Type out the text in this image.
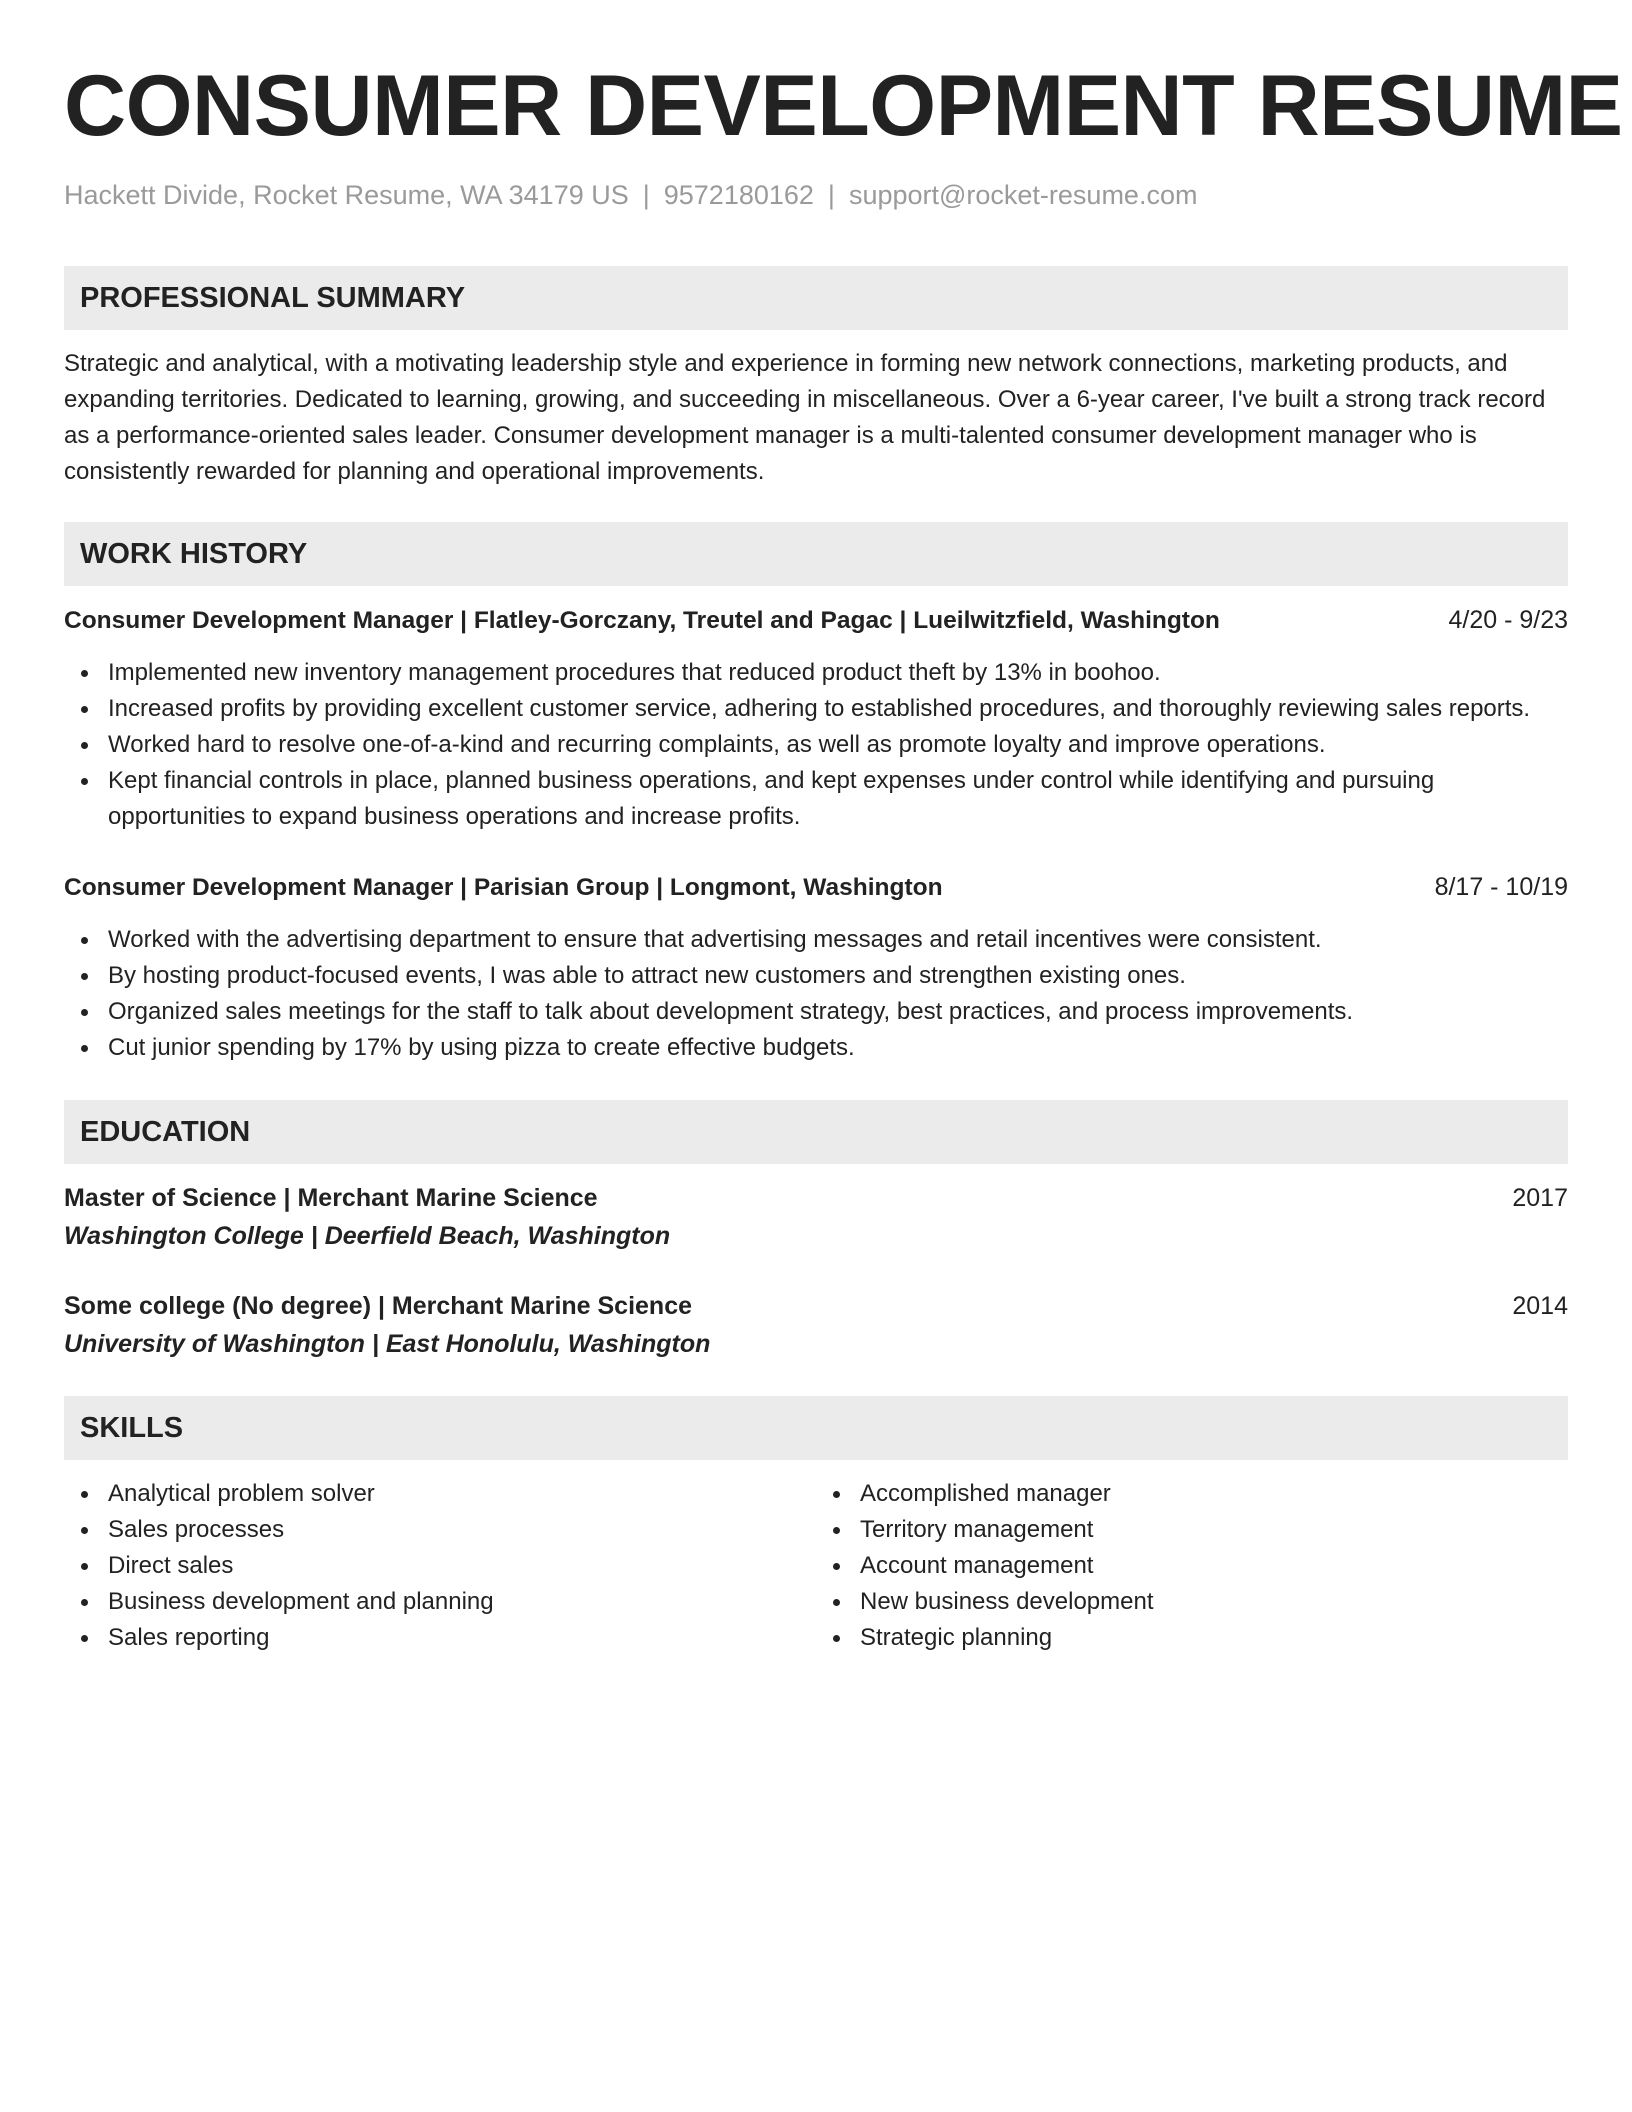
CONSUMER DEVELOPMENT RESUME
Hackett Divide, Rocket Resume, WA 34179 US | 9572180162 | support@rocket-resume.com
PROFESSIONAL SUMMARY

Strategic and analytical, with a motivating leadership style and experience in forming new network connections, marketing products, and expanding territories. Dedicated to learning, growing, and succeeding in miscellaneous. Over a 6-year career, I've built a strong track record as a performance-oriented sales leader. Consumer development manager is a multi-talented consumer development manager who is consistently rewarded for planning and operational improvements.

WORK HISTORY
Consumer Development Manager | Flatley-Gorczany, Treutel and Pagac | Lueilwitzfield, Washington	4/20 - 9/23
Implemented new inventory management procedures that reduced product theft by 13% in boohoo.
Increased profits by providing excellent customer service, adhering to established procedures, and thoroughly reviewing sales reports.
Worked hard to resolve one-of-a-kind and recurring complaints, as well as promote loyalty and improve operations.
Kept financial controls in place, planned business operations, and kept expenses under control while identifying and pursuing opportunities to expand business operations and increase profits.
Consumer Development Manager | Parisian Group | Longmont, Washington	8/17 - 10/19
Worked with the advertising department to ensure that advertising messages and retail incentives were consistent.
By hosting product-focused events, I was able to attract new customers and strengthen existing ones.
Organized sales meetings for the staff to talk about development strategy, best practices, and process improvements.
Cut junior spending by 17% by using pizza to create effective budgets.
EDUCATION
Master of Science | Merchant Marine Science	2017
Washington College | Deerfield Beach, Washington
Some college (No degree) | Merchant Marine Science	2014
University of Washington | East Honolulu, Washington
SKILLS
Analytical problem solver
Sales processes
Direct sales
Business development and planning
Sales reporting
Accomplished manager
Territory management
Account management
New business development
Strategic planning
